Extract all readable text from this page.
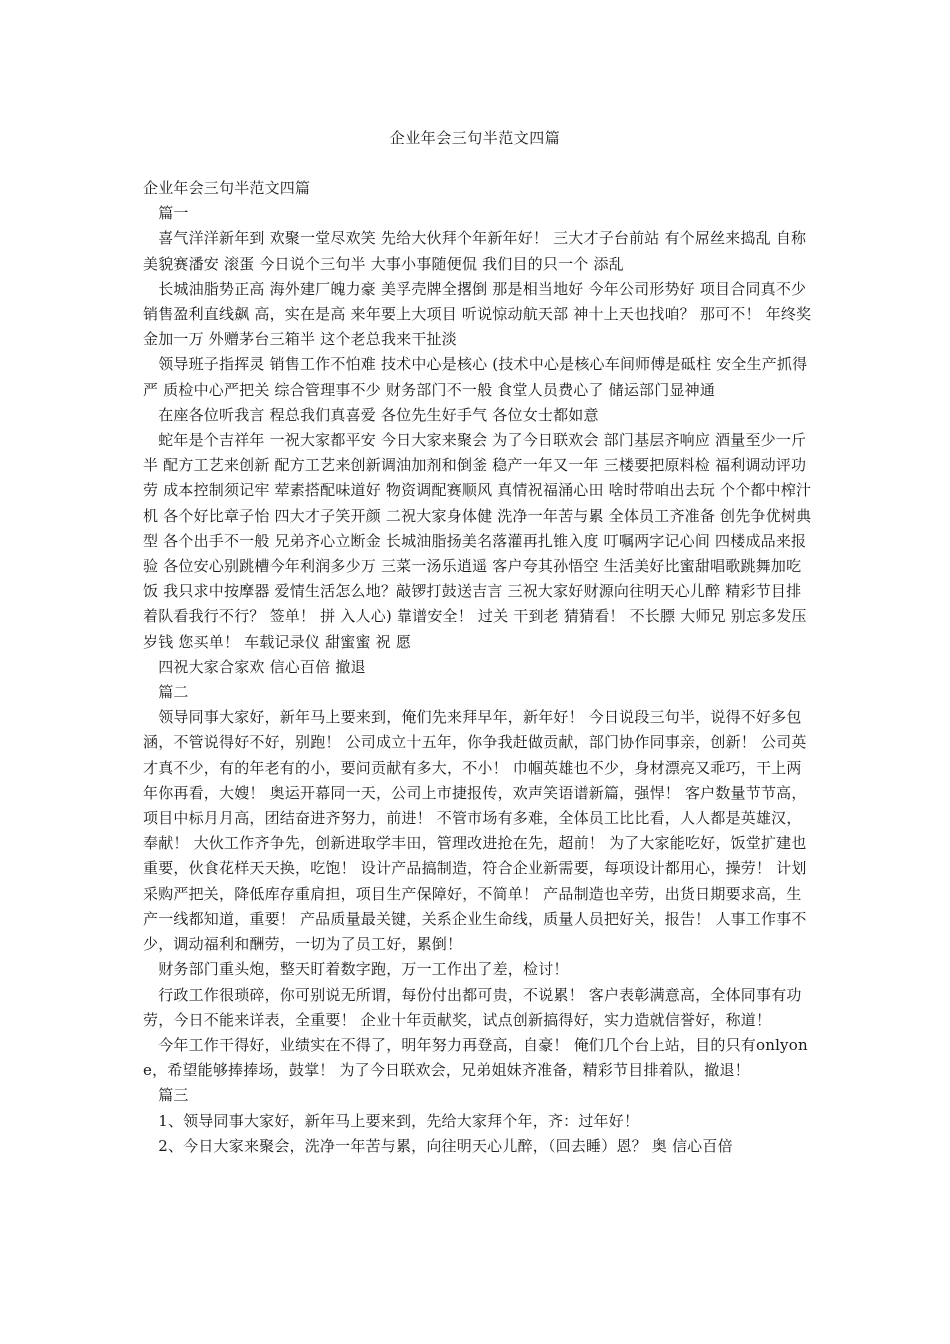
企业年会三句半范文四篇

企业年会三句半范文四篇

　篇一

　喜气洋洋新年到 欢聚一堂尽欢笑 先给大伙拜个年新年好！ 三大才子台前站 有个屌丝来捣乱 自称美貌赛潘安 滚蛋 今日说个三句半 大事小事随便侃 我们目的只一个 添乱

　长城油脂势正高 海外建厂魄力豪 美孚壳牌全撂倒 那是相当地好 今年公司形势好 项目合同真不少 销售盈利直线飙 高，实在是高 来年要上大项目 听说惊动航天部 神十上天也找咱？ 那可不！ 年终奖金加一万 外赠茅台三箱半 这个老总我来干扯淡

　领导班子指挥灵 销售工作不怕难 技术中心是核心 (技术中心是核心车间师傅是砥柱 安全生产抓得严 质检中心严把关 综合管理事不少 财务部门不一般 食堂人员费心了 储运部门显神通

　在座各位听我言 程总我们真喜爱 各位先生好手气 各位女士都如意

　蛇年是个吉祥年 一祝大家都平安 今日大家来聚会 为了今日联欢会 部门基层齐响应 酒量至少一斤半 配方工艺来创新 配方工艺来创新调油加剂和倒釜 稳产一年又一年 三楼要把原料检 福利调动评功劳 成本控制须记牢 荤素搭配味道好 物资调配赛顺风 真情祝福涌心田 啥时带咱出去玩 个个都中榨汁机 各个好比章子怡 四大才子笑开颜 二祝大家身体健 洗净一年苦与累 全体员工齐准备 创先争优树典型 各个出手不一般 兄弟齐心立断金 长城油脂扬美名落灌再扎锥入度 叮嘱两字记心间 四楼成品来报验 各位安心别跳槽今年利润多少万 三菜一汤乐逍遥 客户夸其孙悟空 生活美好比蜜甜唱歌跳舞加吃饭 我只求中按摩器 爱情生活怎么地？敲锣打鼓送吉言 三祝大家好财源向往明天心儿醉 精彩节目排着队看我行不行？ 签单！ 拼 入人心) 靠谱安全！ 过关 干到老 猜猜看！ 不长膘 大师兄 别忘多发压岁钱 您买单！ 车载记录仪 甜蜜蜜 祝 愿

　四祝大家合家欢 信心百倍 撤退

　篇二

　领导同事大家好，新年马上要来到，俺们先来拜早年，新年好！ 今日说段三句半，说得不好多包涵，不管说得好不好，别跑！ 公司成立十五年，你争我赶做贡献，部门协作同事亲，创新！ 公司英才真不少，有的年老有的小，要问贡献有多大，不小！ 巾帼英雄也不少，身材漂亮又乖巧，干上两年你再看，大嫂！ 奥运开幕同一天，公司上市捷报传，欢声笑语谱新篇，强悍！ 客户数量节节高，项目中标月月高，团结奋进齐努力，前进！ 不管市场有多难，全体员工比比看，人人都是英雄汉，奉献！ 大伙工作齐争先，创新进取学丰田，管理改进抢在先，超前！ 为了大家能吃好，饭堂扩建也重要，伙食花样天天换，吃饱！ 设计产品搞制造，符合企业新需要，每项设计都用心，操劳！ 计划采购严把关，降低库存重肩担，项目生产保障好，不简单！ 产品制造也辛劳，出货日期要求高，生产一线都知道，重要！ 产品质量最关键，关系企业生命线，质量人员把好关，报告！ 人事工作事不少，调动福利和酬劳，一切为了员工好，累倒！

　财务部门重头炮，整天盯着数字跑，万一工作出了差，检讨！

　行政工作很琐碎，你可别说无所谓，每份付出都可贵，不说累！ 客户表彰满意高，全体同事有功劳，今日不能来详表，全重要！ 企业十年贡献奖，试点创新搞得好，实力造就信誉好，称道！

　今年工作干得好，业绩实在不得了，明年努力再登高，自豪！ 俺们几个台上站，目的只有onlyone，希望能够捧捧场，鼓掌！ 为了今日联欢会，兄弟姐妹齐准备，精彩节目排着队，撤退！

　篇三

　1、领导同事大家好，新年马上要来到，先给大家拜个年，齐：过年好！

　2、今日大家来聚会，洗净一年苦与累，向往明天心儿醉，（回去睡）恩？ 奥 信心百倍
